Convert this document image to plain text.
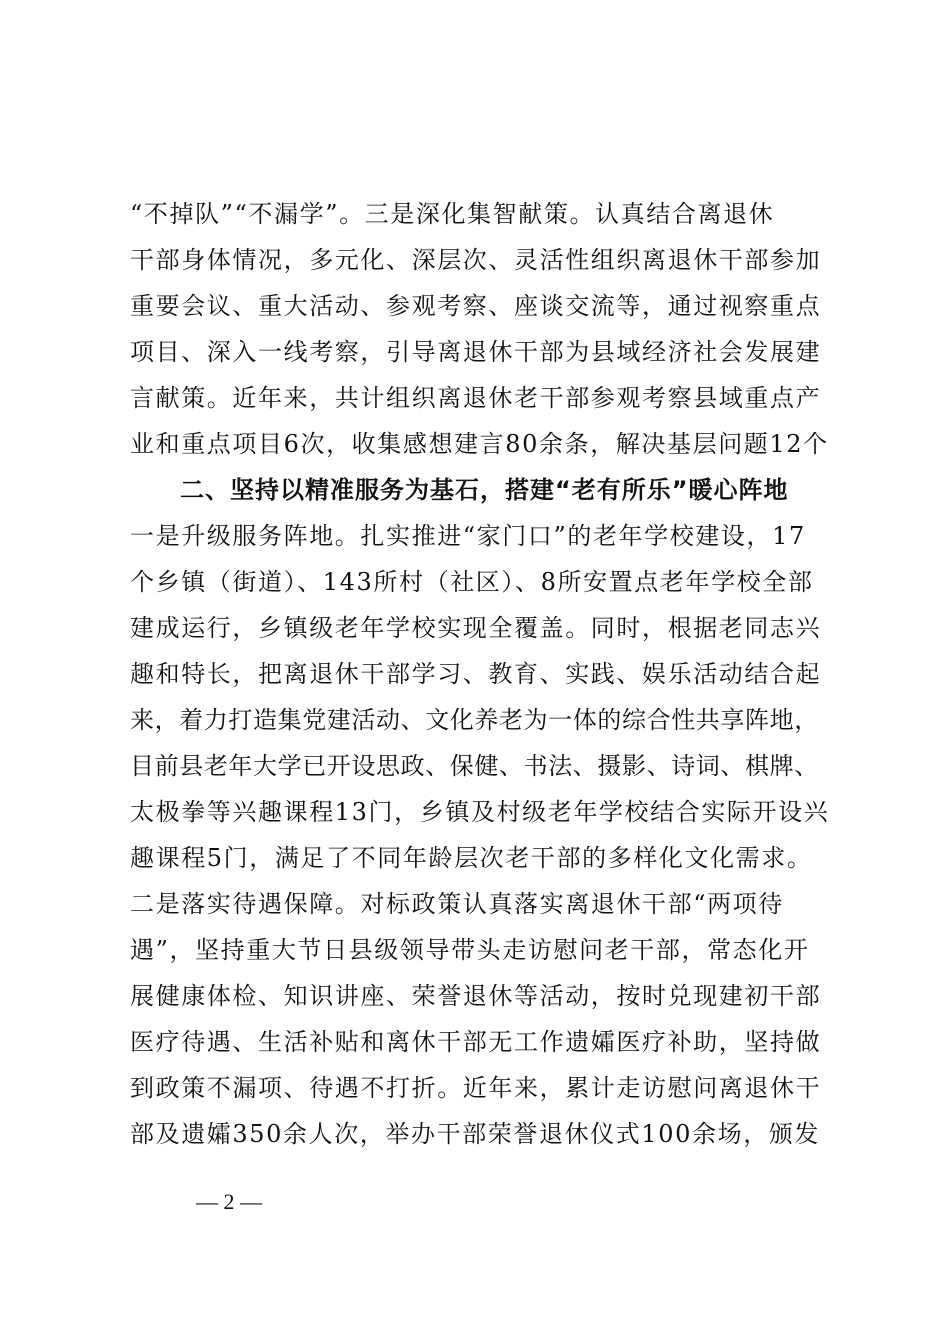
“不掉队”“不漏学”。三是深化集智献策。认真结合离退休
干部身体情况，多元化、深层次、灵活性组织离退休干部参加
重要会议、重大活动、参观考察、座谈交流等，通过视察重点
项目、深入一线考察，引导离退休干部为县域经济社会发展建
言献策。近年来，共计组织离退休老干部参观考察县域重点产
业和重点项目6次，收集感想建言80余条，解决基层问题12个
二、坚持以精准服务为基石，搭建“老有所乐”暖心阵地
一是升级服务阵地。扎实推进“家门口”的老年学校建设，17
个乡镇（街道）、143所村（社区）、8所安置点老年学校全部
建成运行，乡镇级老年学校实现全覆盖。同时，根据老同志兴
趣和特长，把离退休干部学习、教育、实践、娱乐活动结合起
来，着力打造集党建活动、文化养老为一体的综合性共享阵地，
目前县老年大学已开设思政、保健、书法、摄影、诗词、棋牌、
太极拳等兴趣课程13门，乡镇及村级老年学校结合实际开设兴
趣课程5门，满足了不同年龄层次老干部的多样化文化需求。
二是落实待遇保障。对标政策认真落实离退休干部“两项待
遇”，坚持重大节日县级领导带头走访慰问老干部，常态化开
展健康体检、知识讲座、荣誉退休等活动，按时兑现建初干部
医疗待遇、生活补贴和离休干部无工作遗孀医疗补助，坚持做
到政策不漏项、待遇不打折。近年来，累计走访慰问离退休干
部及遗孀350余人次，举办干部荣誉退休仪式100余场，颁发
— 2 —
